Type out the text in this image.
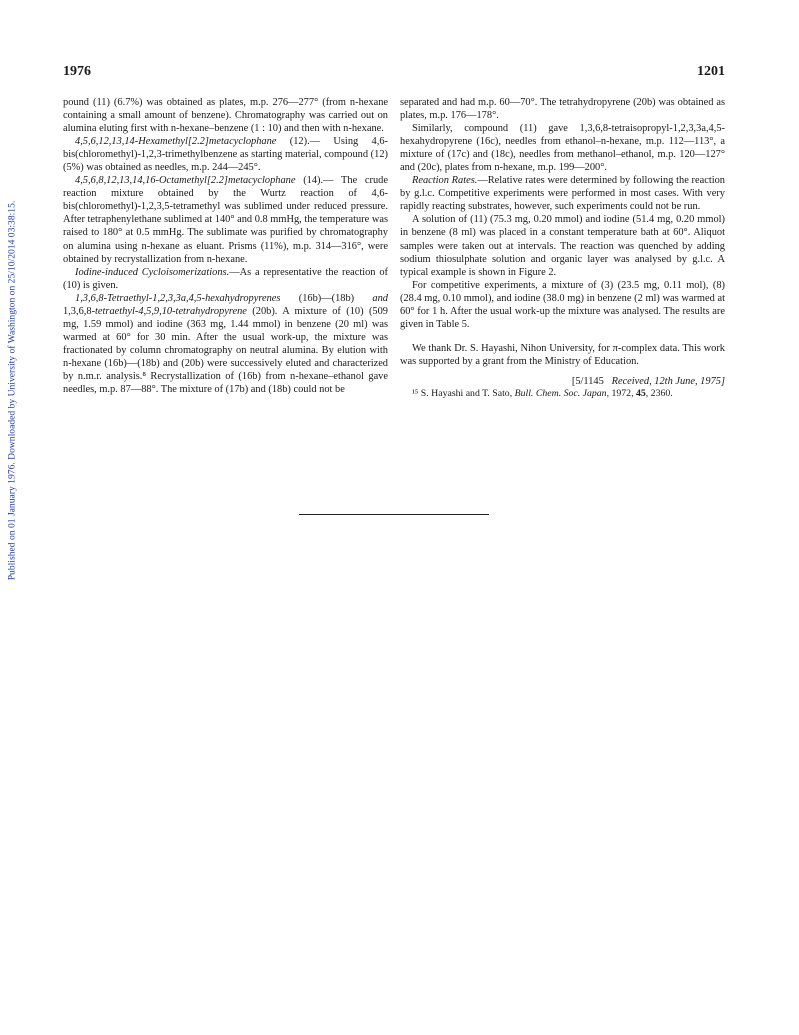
Published on 01 January 1976. Downloaded by University of Washington on 25/10/2014 03:38:15.
1976	1201

pound (11) (6.7%) was obtained as plates, m.p. 276—277° (from n-hexane containing a small amount of benzene). Chromatography was carried out on alumina eluting first with n-hexane–benzene (1 : 10) and then with n-hexane.

4,5,6,12,13,14-Hexamethyl[2.2]metacyclophane (12).— Using 4,6-bis(chloromethyl)-1,2,3-trimethylbenzene as starting material, compound (12) (5%) was obtained as needles, m.p. 244—245°.

4,5,6,8,12,13,14,16-Octamethyl[2.2]metacyclophane (14).— The crude reaction mixture obtained by the Wurtz reaction of 4,6-bis(chloromethyl)-1,2,3,5-tetramethyl was sublimed under reduced pressure. After tetraphenylethane sublimed at 140° and 0.8 mmHg, the temperature was raised to 180° at 0.5 mmHg. The sublimate was purified by chromatography on alumina using n-hexane as eluant. Prisms (11%), m.p. 314—316°, were obtained by recrystallization from n-hexane.

Iodine-induced Cycloisomerizations.—As a representative the reaction of (10) is given.

1,3,6,8-Tetraethyl-1,2,3,3a,4,5-hexahydropyrenes (16b)—(18b) and 1,3,6,8-tetraethyl-4,5,9,10-tetrahydropyrene (20b). A mixture of (10) (509 mg, 1.59 mmol) and iodine (363 mg, 1.44 mmol) in benzene (20 ml) was warmed at 60° for 30 min. After the usual work-up, the mixture was fractionated by column chromatography on neutral alumina. By elution with n-hexane (16b)—(18b) and (20b) were successively eluted and characterized by n.m.r. analysis.⁸ Recrystallization of (16b) from n-hexane–ethanol gave needles, m.p. 87—88°. The mixture of (17b) and (18b) could not be

separated and had m.p. 60—70°. The tetrahydropyrene (20b) was obtained as plates, m.p. 176—178°.

Similarly, compound (11) gave 1,3,6,8-tetraisopropyl-1,2,3,3a,4,5-hexahydropyrene (16c), needles from ethanol–n-hexane, m.p. 112—113°, a mixture of (17c) and (18c), needles from methanol–ethanol, m.p. 120—127° and (20c), plates from n-hexane, m.p. 199—200°.

Reaction Rates.—Relative rates were determined by following the reaction by g.l.c. Competitive experiments were performed in most cases. With very rapidly reacting substrates, however, such experiments could not be run.

A solution of (11) (75.3 mg, 0.20 mmol) and iodine (51.4 mg, 0.20 mmol) in benzene (8 ml) was placed in a constant temperature bath at 60°. Aliquot samples were taken out at intervals. The reaction was quenched by adding sodium thiosulphate solution and organic layer was analysed by g.l.c. A typical example is shown in Figure 2.

For competitive experiments, a mixture of (3) (23.5 mg, 0.11 mol), (8) (28.4 mg, 0.10 mmol), and iodine (38.0 mg) in benzene (2 ml) was warmed at 60° for 1 h. After the usual work-up the mixture was analysed. The results are given in Table 5.

We thank Dr. S. Hayashi, Nihon University, for π-complex data. This work was supported by a grant from the Ministry of Education.

[5/1145 Received, 12th June, 1975]

¹⁵ S. Hayashi and T. Sato, Bull. Chem. Soc. Japan, 1972, 45, 2360.
